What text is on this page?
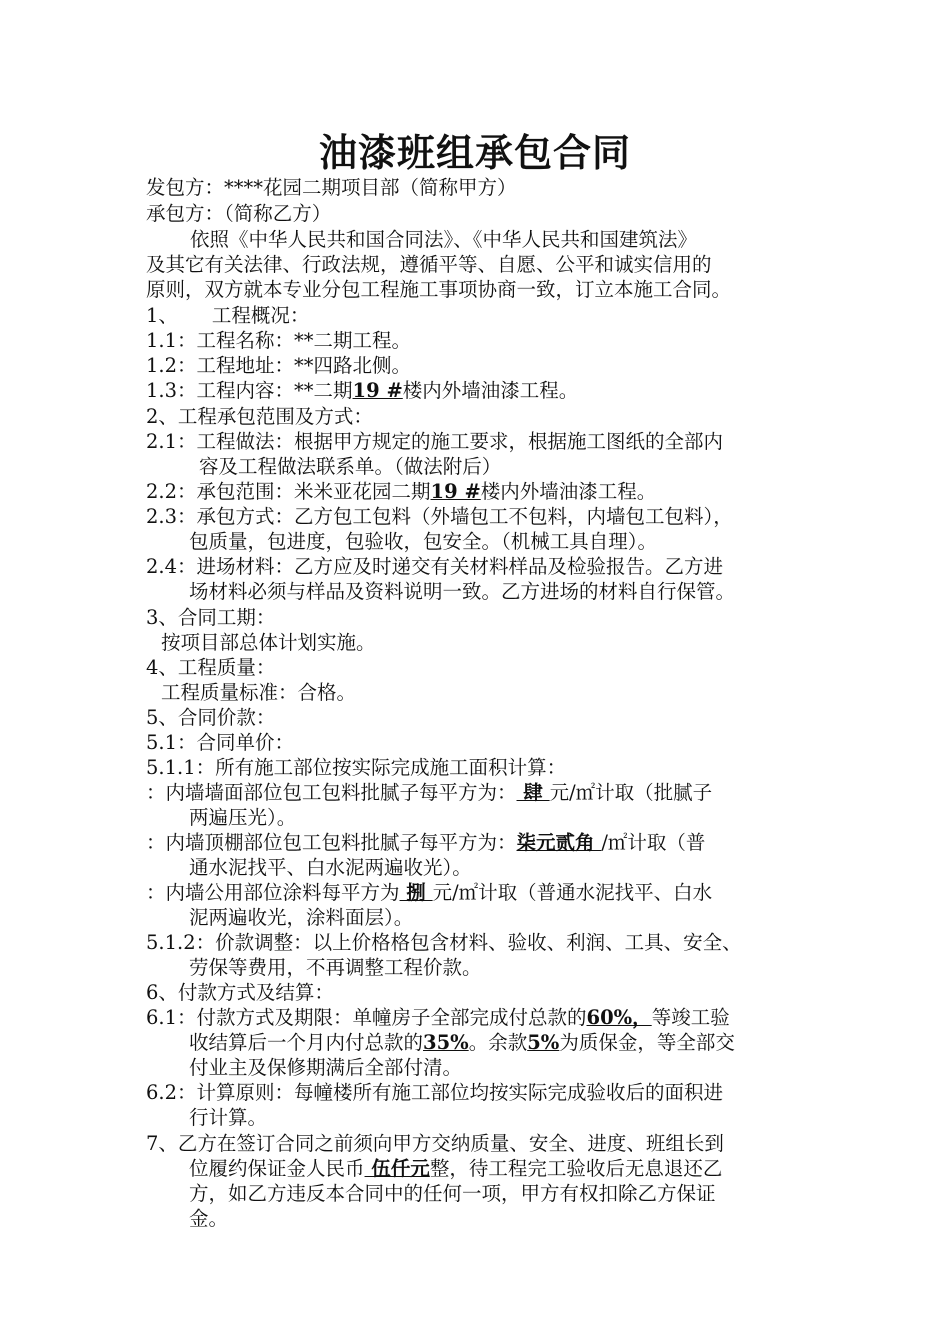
油漆班组承包合同
发包方：****花园二期项目部（简称甲方）
承包方：（简称乙方）
依照《中华人民共和国合同法》、《中华人民共和国建筑法》
及其它有关法律、行政法规，遵循平等、自愿、公平和诚实信用的
原则，双方就本专业分包工程施工事项协商一致，订立本施工合同。
1、 工程概况：
1.1：工程名称：**二期工程。
1.2：工程地址：**四路北侧。
1.3：工程内容：**二期19 #楼内外墙油漆工程。
2、工程承包范围及方式：
2.1：工程做法：根据甲方规定的施工要求，根据施工图纸的全部内
容及工程做法联系单。（做法附后）
2.2：承包范围：米米亚花园二期19 #楼内外墙油漆工程。
2.3：承包方式：乙方包工包料（外墙包工不包料，内墙包工包料），
包质量，包进度，包验收，包安全。（机械工具自理）。
2.4：进场材料：乙方应及时递交有关材料样品及检验报告。乙方进
场材料必须与样品及资料说明一致。乙方进场的材料自行保管。
3、合同工期：
按项目部总体计划实施。
4、工程质量：
工程质量标准：合格。
5、合同价款：
5.1：合同单价：
5.1.1：所有施工部位按实际完成施工面积计算：
：内墙墙面部位包工包料批腻子每平方为： 肆 元/㎡计取（批腻子
两遍压光）。
：内墙顶棚部位包工包料批腻子每平方为：柒元贰角 /㎡计取（普
通水泥找平、白水泥两遍收光）。
：内墙公用部位涂料每平方为 捌 元/㎡计取（普通水泥找平、白水
泥两遍收光，涂料面层）。
5.1.2：价款调整：以上价格格包含材料、验收、利润、工具、安全、
劳保等费用，不再调整工程价款。
6、付款方式及结算：
6.1：付款方式及期限：单幢房子全部完成付总款的60%，等竣工验
收结算后一个月内付总款的35%。余款5%为质保金，等全部交
付业主及保修期满后全部付清。
6.2：计算原则：每幢楼所有施工部位均按实际完成验收后的面积进
行计算。
7、乙方在签订合同之前须向甲方交纳质量、安全、进度、班组长到
位履约保证金人民币 伍仟元整，待工程完工验收后无息退还乙
方，如乙方违反本合同中的任何一项，甲方有权扣除乙方保证
金。
